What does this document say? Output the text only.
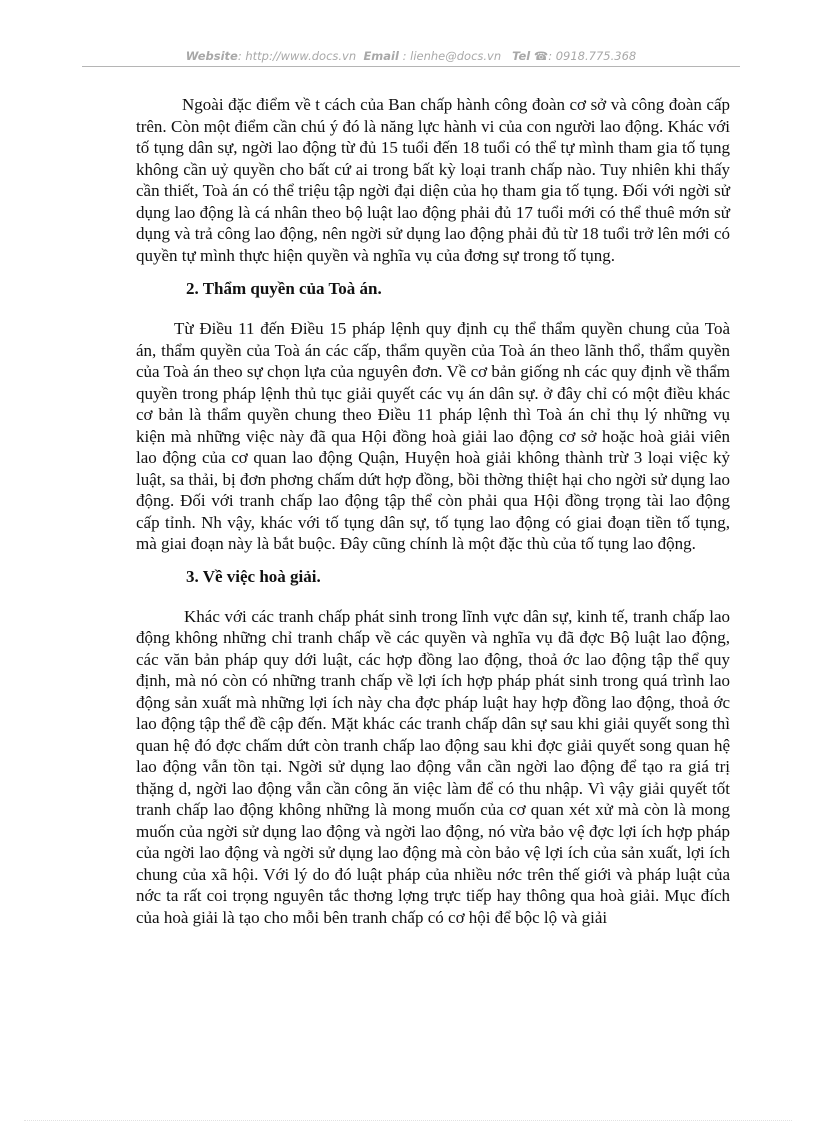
Website: http://www.docs.vn Email : lienhe@docs.vn Tel ☎: 0918.775.368

Ngoài đặc điểm về t cách của Ban chấp hành công đoàn cơ sở và công đoàn cấp trên. Còn một điểm cần chú ý đó là năng lực hành vi của con người lao động. Khác với tố tụng dân sự, ngời lao động từ đủ 15 tuổi đến 18 tuổi có thể tự mình tham gia tố tụng không cần uỷ quyền cho bất cứ ai trong bất kỳ loại tranh chấp nào. Tuy nhiên khi thấy cần thiết, Toà án có thể triệu tập ngời đại diện của họ tham gia tố tụng. Đối với ngời sử dụng lao động là cá nhân theo bộ luật lao động phải đủ 17 tuổi mới có thể thuê mớn sử dụng và trả công lao động, nên ngời sử dụng lao động phải đủ từ 18 tuổi trở lên mới có quyền tự mình thực hiện quyền và nghĩa vụ của đơng sự trong tố tụng.

2. Thẩm quyền của Toà án.

Từ Điều 11 đến Điều 15 pháp lệnh quy định cụ thể thẩm quyền chung của Toà án, thẩm quyền của Toà án các cấp, thẩm quyền của Toà án theo lãnh thổ, thẩm quyền của Toà án theo sự chọn lựa của nguyên đơn. Về cơ bản giống nh các quy định về thẩm quyền trong pháp lệnh thủ tục giải quyết các vụ án dân sự. ở đây chỉ có một điều khác cơ bản là thẩm quyền chung theo Điều 11 pháp lệnh thì Toà án chỉ thụ lý những vụ kiện mà những việc này đã qua Hội đồng hoà giải lao động cơ sở hoặc hoà giải viên lao động của cơ quan lao động Quận, Huyện hoà giải không thành trừ 3 loại việc kỷ luật, sa thải, bị đơn phơng chấm dứt hợp đồng, bồi thờng thiệt hại cho ngời sử dụng lao động. Đối với tranh chấp lao động tập thể còn phải qua Hội đồng trọng tài lao động cấp tỉnh. Nh vậy, khác với tố tụng dân sự, tố tụng lao động có giai đoạn tiền tố tụng, mà giai đoạn này là bắt buộc. Đây cũng chính là một đặc thù của tố tụng lao động.

3. Về việc hoà giải.

Khác với các tranh chấp phát sinh trong lĩnh vực dân sự, kinh tế, tranh chấp lao động không những chỉ tranh chấp về các quyền và nghĩa vụ đã đợc Bộ luật lao động, các văn bản pháp quy dới luật, các hợp đồng lao động, thoả ớc lao động tập thể quy định, mà nó còn có những tranh chấp về lợi ích hợp pháp phát sinh trong quá trình lao động sản xuất mà những lợi ích này cha đợc pháp luật hay hợp đồng lao động, thoả ớc lao động tập thể đề cập đến. Mặt khác các tranh chấp dân sự sau khi giải quyết song thì quan hệ đó đợc chấm dứt còn tranh chấp lao động sau khi đợc giải quyết song quan hệ lao động vẫn tồn tại. Ngời sử dụng lao động vẫn cần ngời lao động để tạo ra giá trị thặng d, ngời lao động vẫn cần công ăn việc làm để có thu nhập. Vì vậy giải quyết tốt tranh chấp lao động không những là mong muốn của cơ quan xét xử mà còn là mong muốn của ngời sử dụng lao động và ngời lao động, nó vừa bảo vệ đợc lợi ích hợp pháp của ngời lao động và ngời sử dụng lao động mà còn bảo vệ lợi ích của sản xuất, lợi ích chung của xã hội. Với lý do đó luật pháp của nhiều nớc trên thế giới và pháp luật của nớc ta rất coi trọng nguyên tắc thơng lợng trực tiếp hay thông qua hoà giải. Mục đích của hoà giải là tạo cho mỗi bên tranh chấp có cơ hội để bộc lộ và giải
